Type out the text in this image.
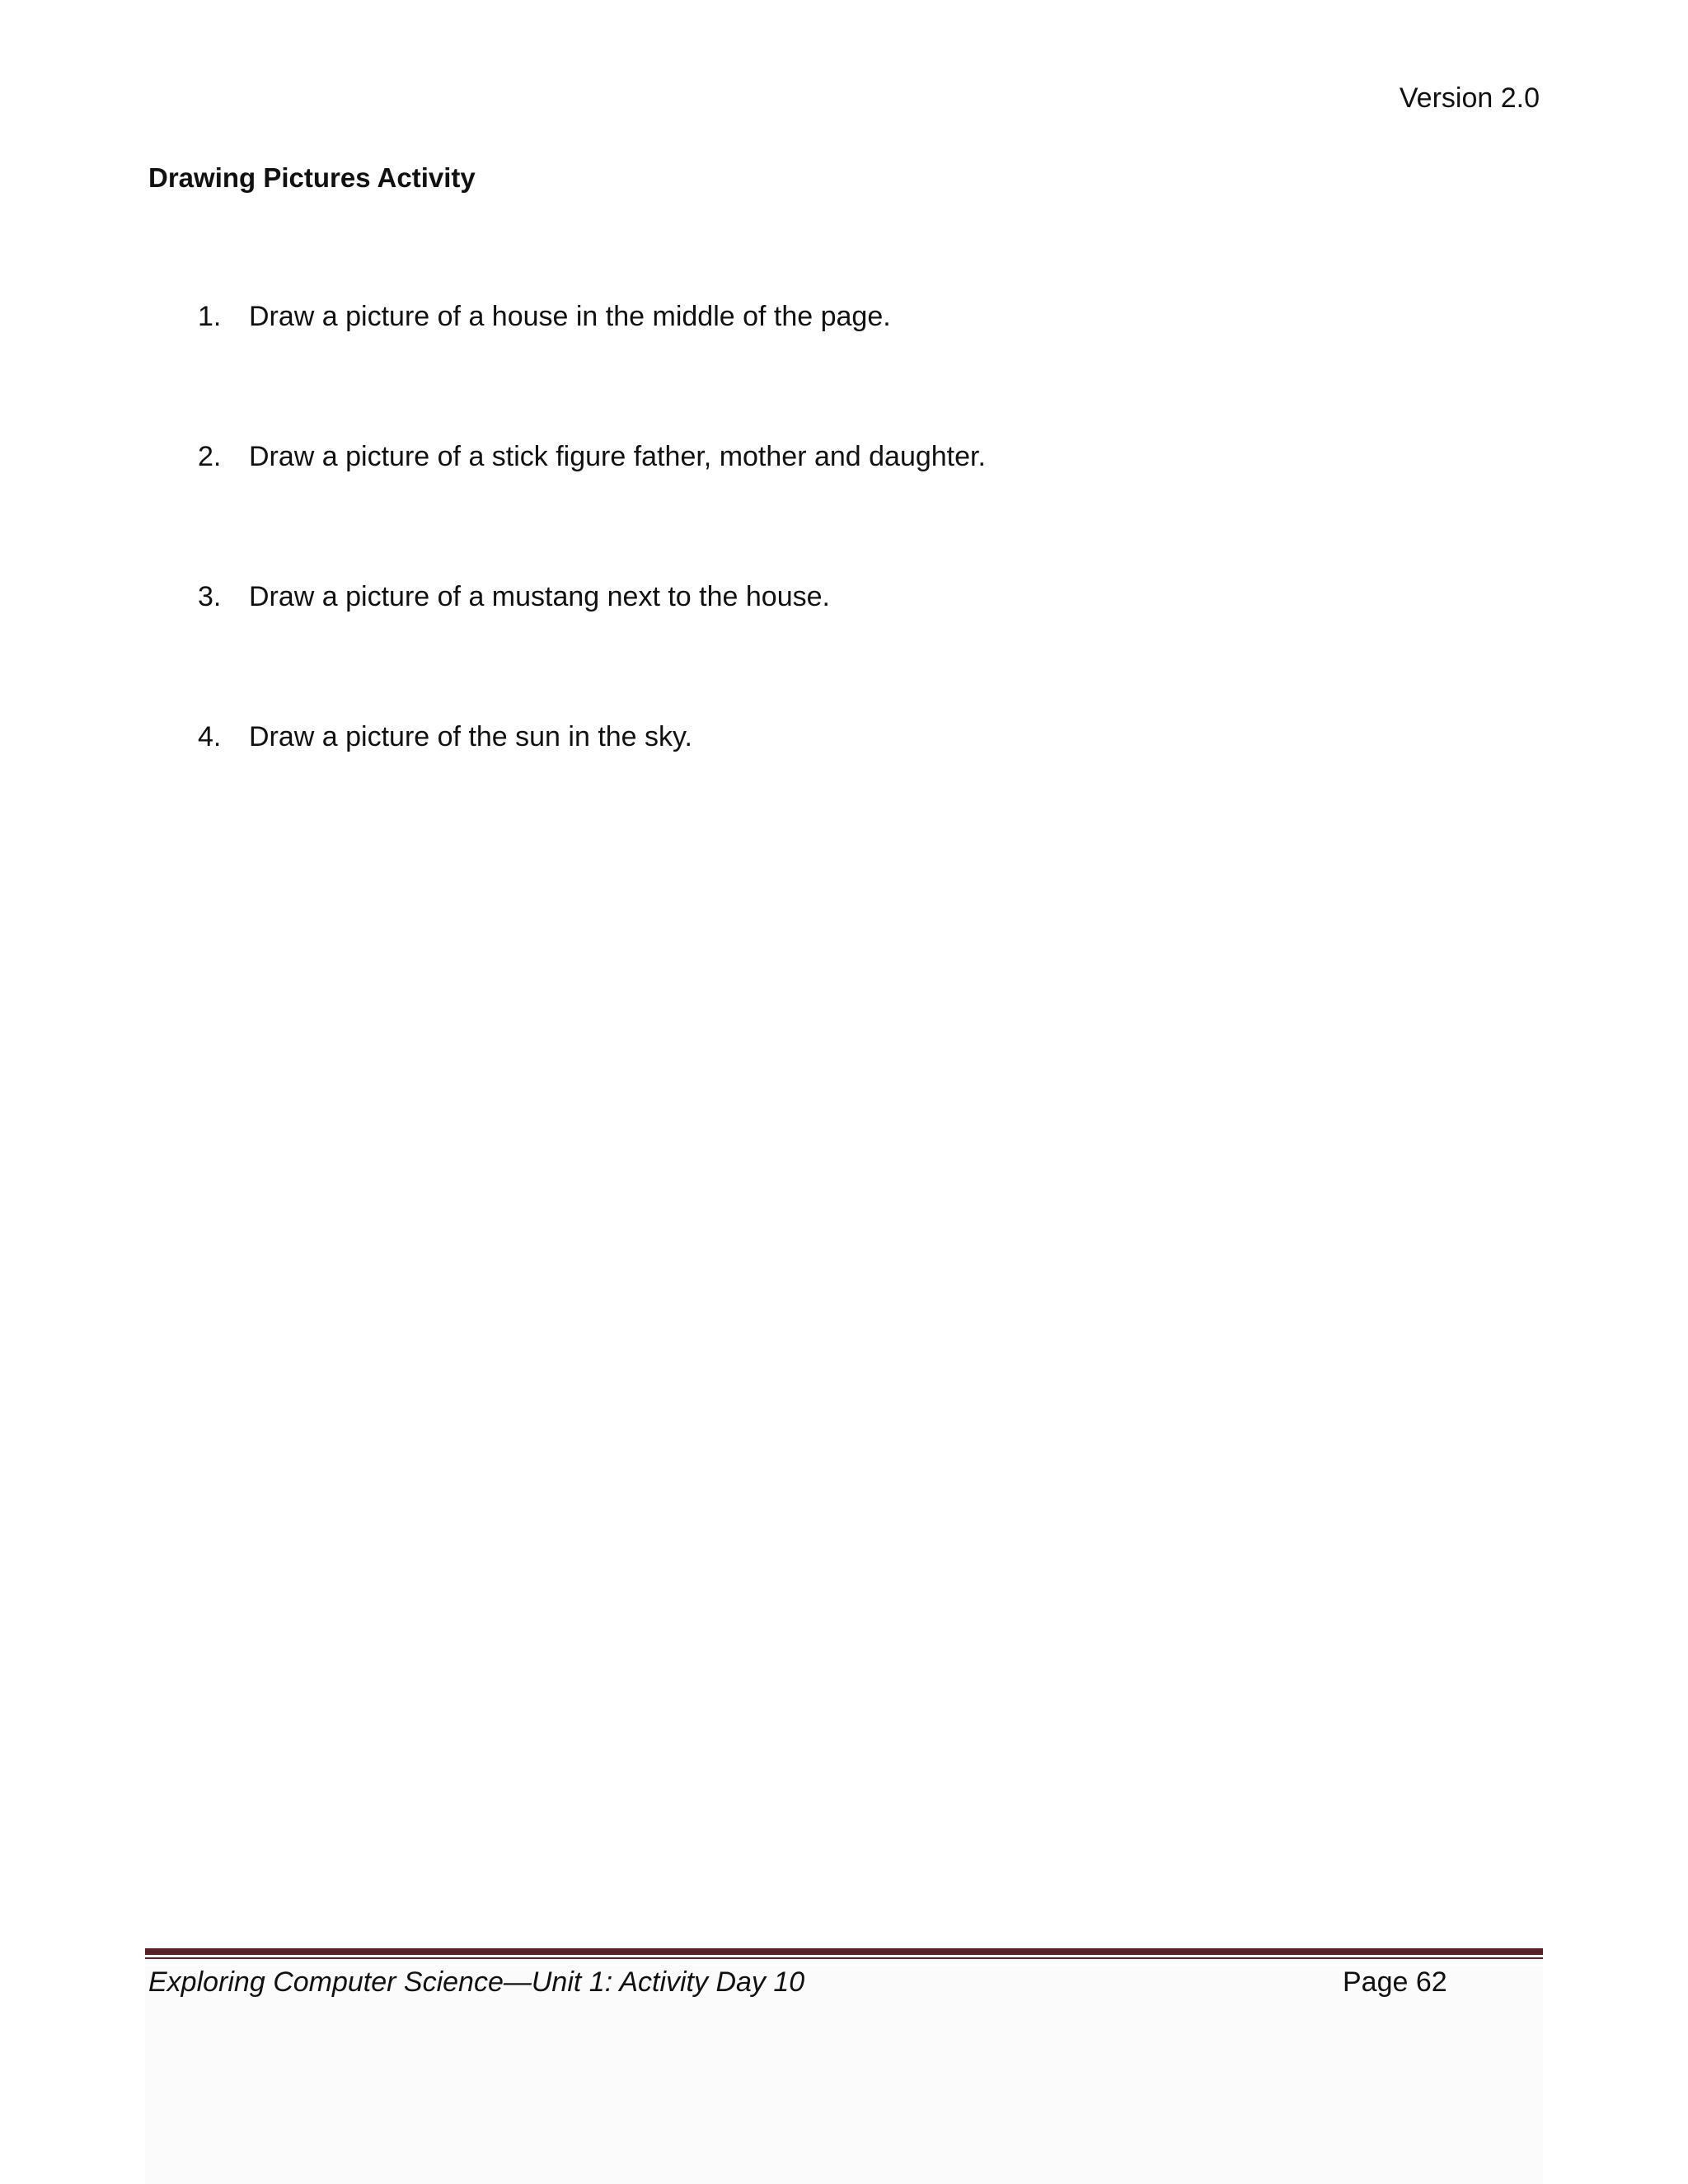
Version 2.0
Drawing Pictures Activity
1. Draw a picture of a house in the middle of the page.
2. Draw a picture of a stick figure father, mother and daughter.
3. Draw a picture of a mustang next to the house.
4. Draw a picture of the sun in the sky.
Exploring Computer Science—Unit 1: Activity Day 10	Page 62
